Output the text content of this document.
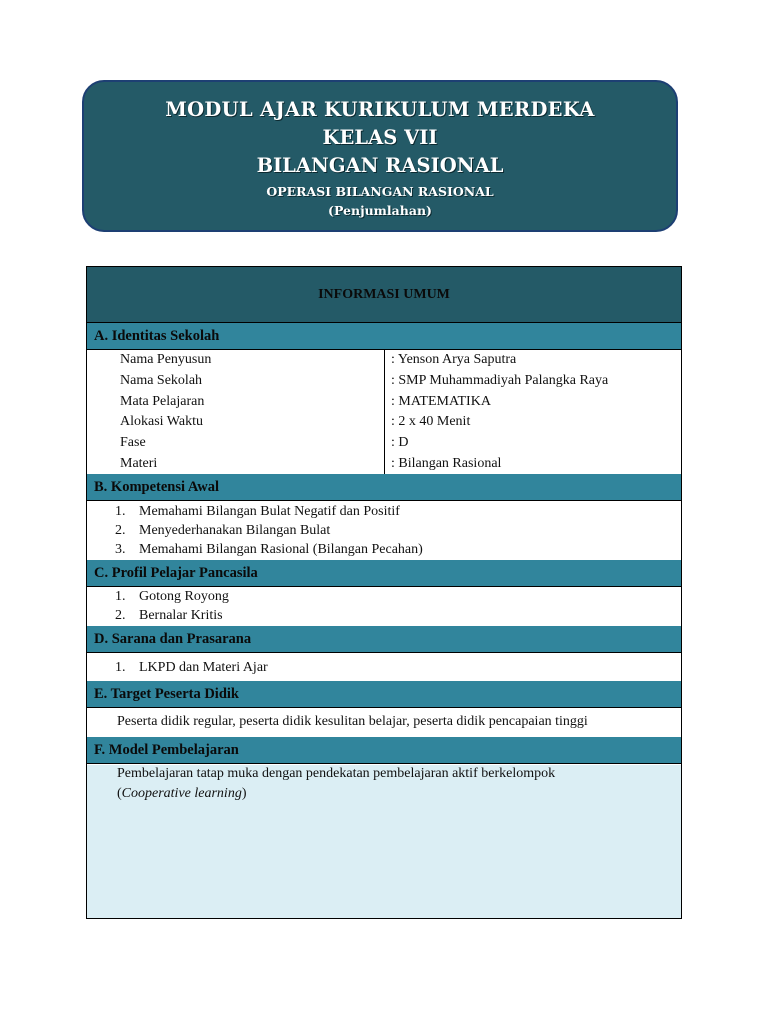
MODUL AJAR KURIKULUM MERDEKA
KELAS VII
BILANGAN RASIONAL
OPERASI BILANGAN RASIONAL
(Penjumlahan)
INFORMASI UMUM
A. Identitas Sekolah
Nama Penyusun	: Yenson Arya Saputra
Nama Sekolah	: SMP Muhammadiyah Palangka Raya
Mata Pelajaran	: MATEMATIKA
Alokasi Waktu	: 2 x 40 Menit
Fase	: D
Materi	: Bilangan Rasional
B. Kompetensi Awal
1. Memahami Bilangan Bulat Negatif dan Positif
2. Menyederhanakan Bilangan Bulat
3. Memahami Bilangan Rasional (Bilangan Pecahan)
C. Profil Pelajar Pancasila
1. Gotong Royong
2. Bernalar Kritis
D. Sarana dan Prasarana
1. LKPD dan Materi Ajar
E. Target Peserta Didik
Peserta didik regular, peserta didik kesulitan belajar, peserta didik pencapaian tinggi
F. Model Pembelajaran
Pembelajaran tatap muka dengan pendekatan pembelajaran aktif berkelompok
(Cooperative learning)
